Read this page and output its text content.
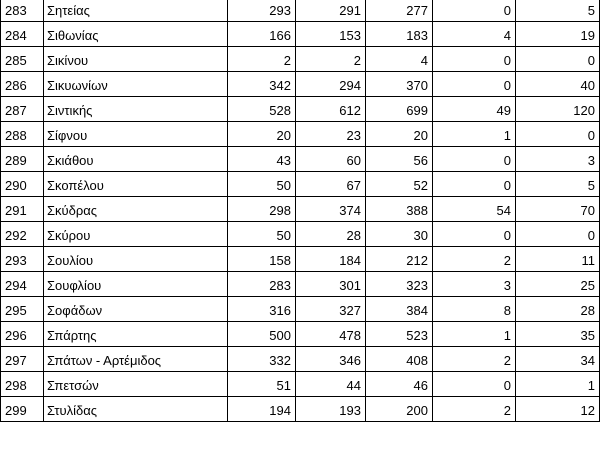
283	Σητείας	293	291	277	0	5
284	Σιθωνίας	166	153	183	4	19
285	Σικίνου	2	2	4	0	0
286	Σικυωνίων	342	294	370	0	40
287	Σιντικής	528	612	699	49	120
288	Σίφνου	20	23	20	1	0
289	Σκιάθου	43	60	56	0	3
290	Σκοπέλου	50	67	52	0	5
291	Σκύδρας	298	374	388	54	70
292	Σκύρου	50	28	30	0	0
293	Σουλίου	158	184	212	2	11
294	Σουφλίου	283	301	323	3	25
295	Σοφάδων	316	327	384	8	28
296	Σπάρτης	500	478	523	1	35
297	Σπάτων - Αρτέμιδος	332	346	408	2	34
298	Σπετσών	51	44	46	0	1
299	Στυλίδας	194	193	200	2	12
